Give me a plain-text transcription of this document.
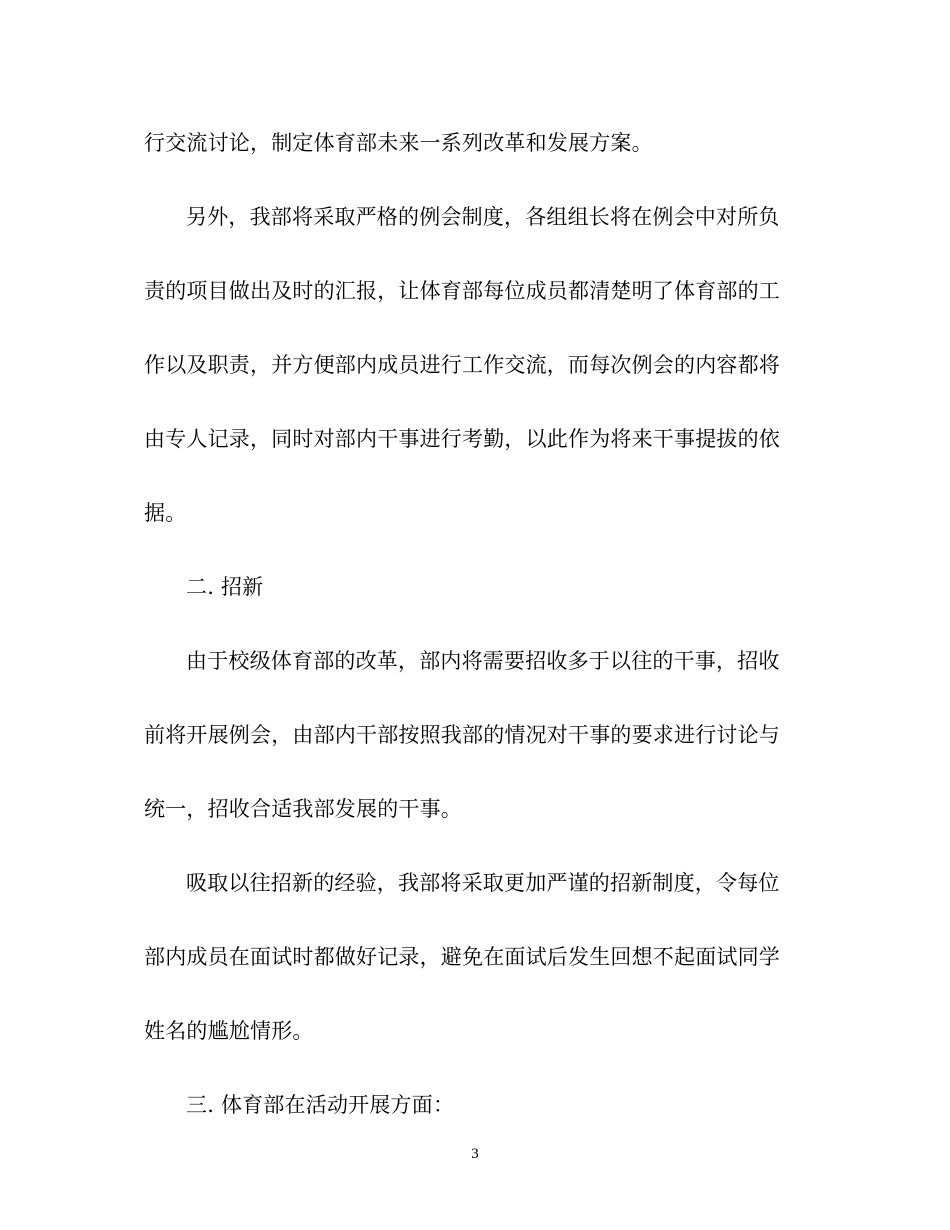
行交流讨论，制定体育部未来一系列改革和发展方案。
另外，我部将采取严格的例会制度，各组组长将在例会中对所负
责的项目做出及时的汇报，让体育部每位成员都清楚明了体育部的工
作以及职责，并方便部内成员进行工作交流，而每次例会的内容都将
由专人记录，同时对部内干事进行考勤，以此作为将来干事提拔的依
据。
二. 招新
由于校级体育部的改革，部内将需要招收多于以往的干事，招收
前将开展例会，由部内干部按照我部的情况对干事的要求进行讨论与
统一，招收合适我部发展的干事。
吸取以往招新的经验，我部将采取更加严谨的招新制度，令每位
部内成员在面试时都做好记录，避免在面试后发生回想不起面试同学
姓名的尴尬情形。
三. 体育部在活动开展方面：
3
